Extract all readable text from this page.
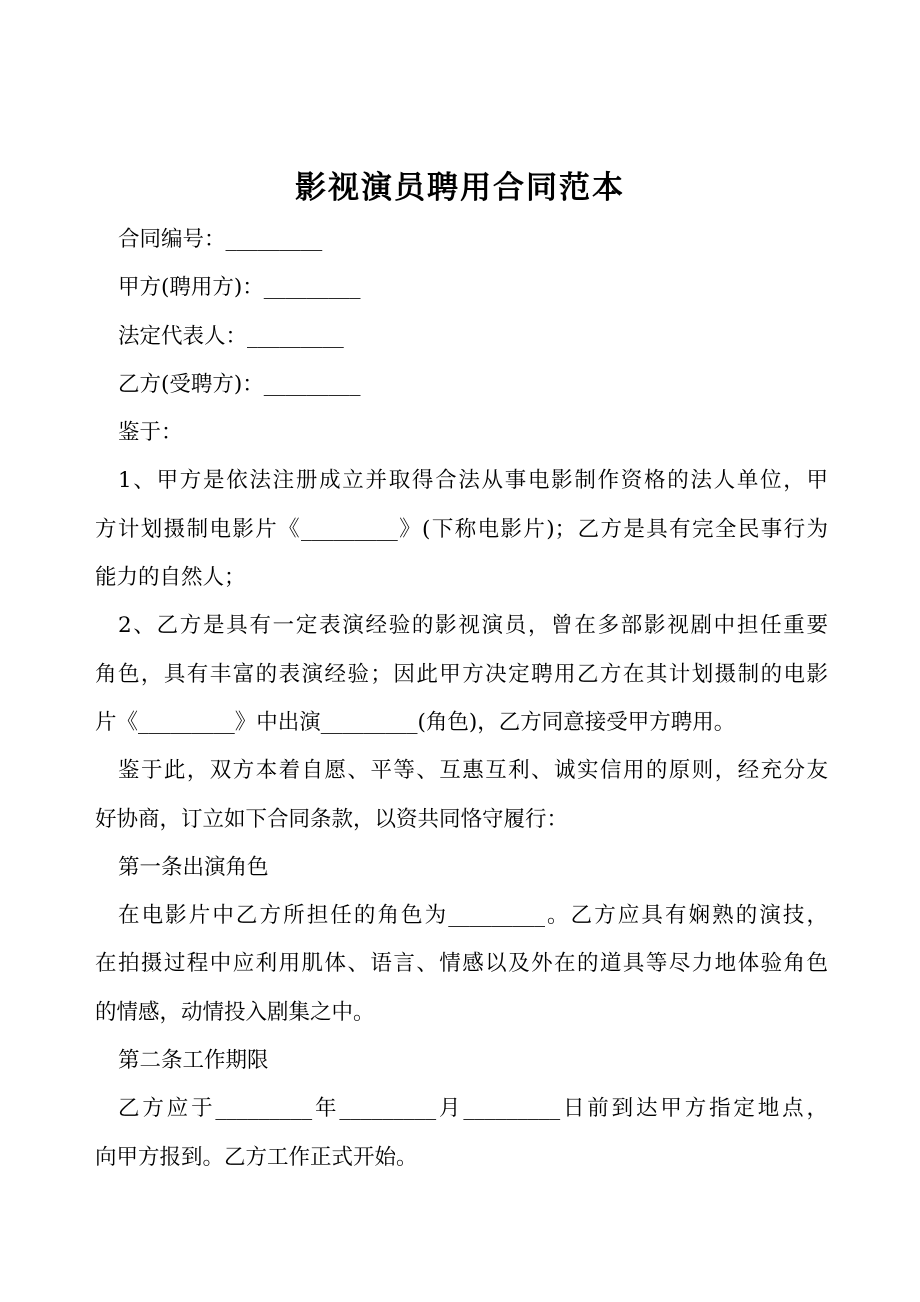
影视演员聘用合同范本
合同编号：_________
甲方(聘用方)：_________
法定代表人：_________
乙方(受聘方)：_________
鉴于：
1、甲方是依法注册成立并取得合法从事电影制作资格的法人单位，甲
方计划摄制电影片《_________》(下称电影片)；乙方是具有完全民事行为
能力的自然人；
2、乙方是具有一定表演经验的影视演员，曾在多部影视剧中担任重要
角色，具有丰富的表演经验；因此甲方决定聘用乙方在其计划摄制的电影
片《_________》中出演_________(角色)，乙方同意接受甲方聘用。
鉴于此，双方本着自愿、平等、互惠互利、诚实信用的原则，经充分友
好协商，订立如下合同条款，以资共同恪守履行：
第一条出演角色
在电影片中乙方所担任的角色为_________。乙方应具有娴熟的演技，
在拍摄过程中应利用肌体、语言、情感以及外在的道具等尽力地体验角色
的情感，动情投入剧集之中。
第二条工作期限
乙方应于_________年_________月_________日前到达甲方指定地点，
向甲方报到。乙方工作正式开始。
